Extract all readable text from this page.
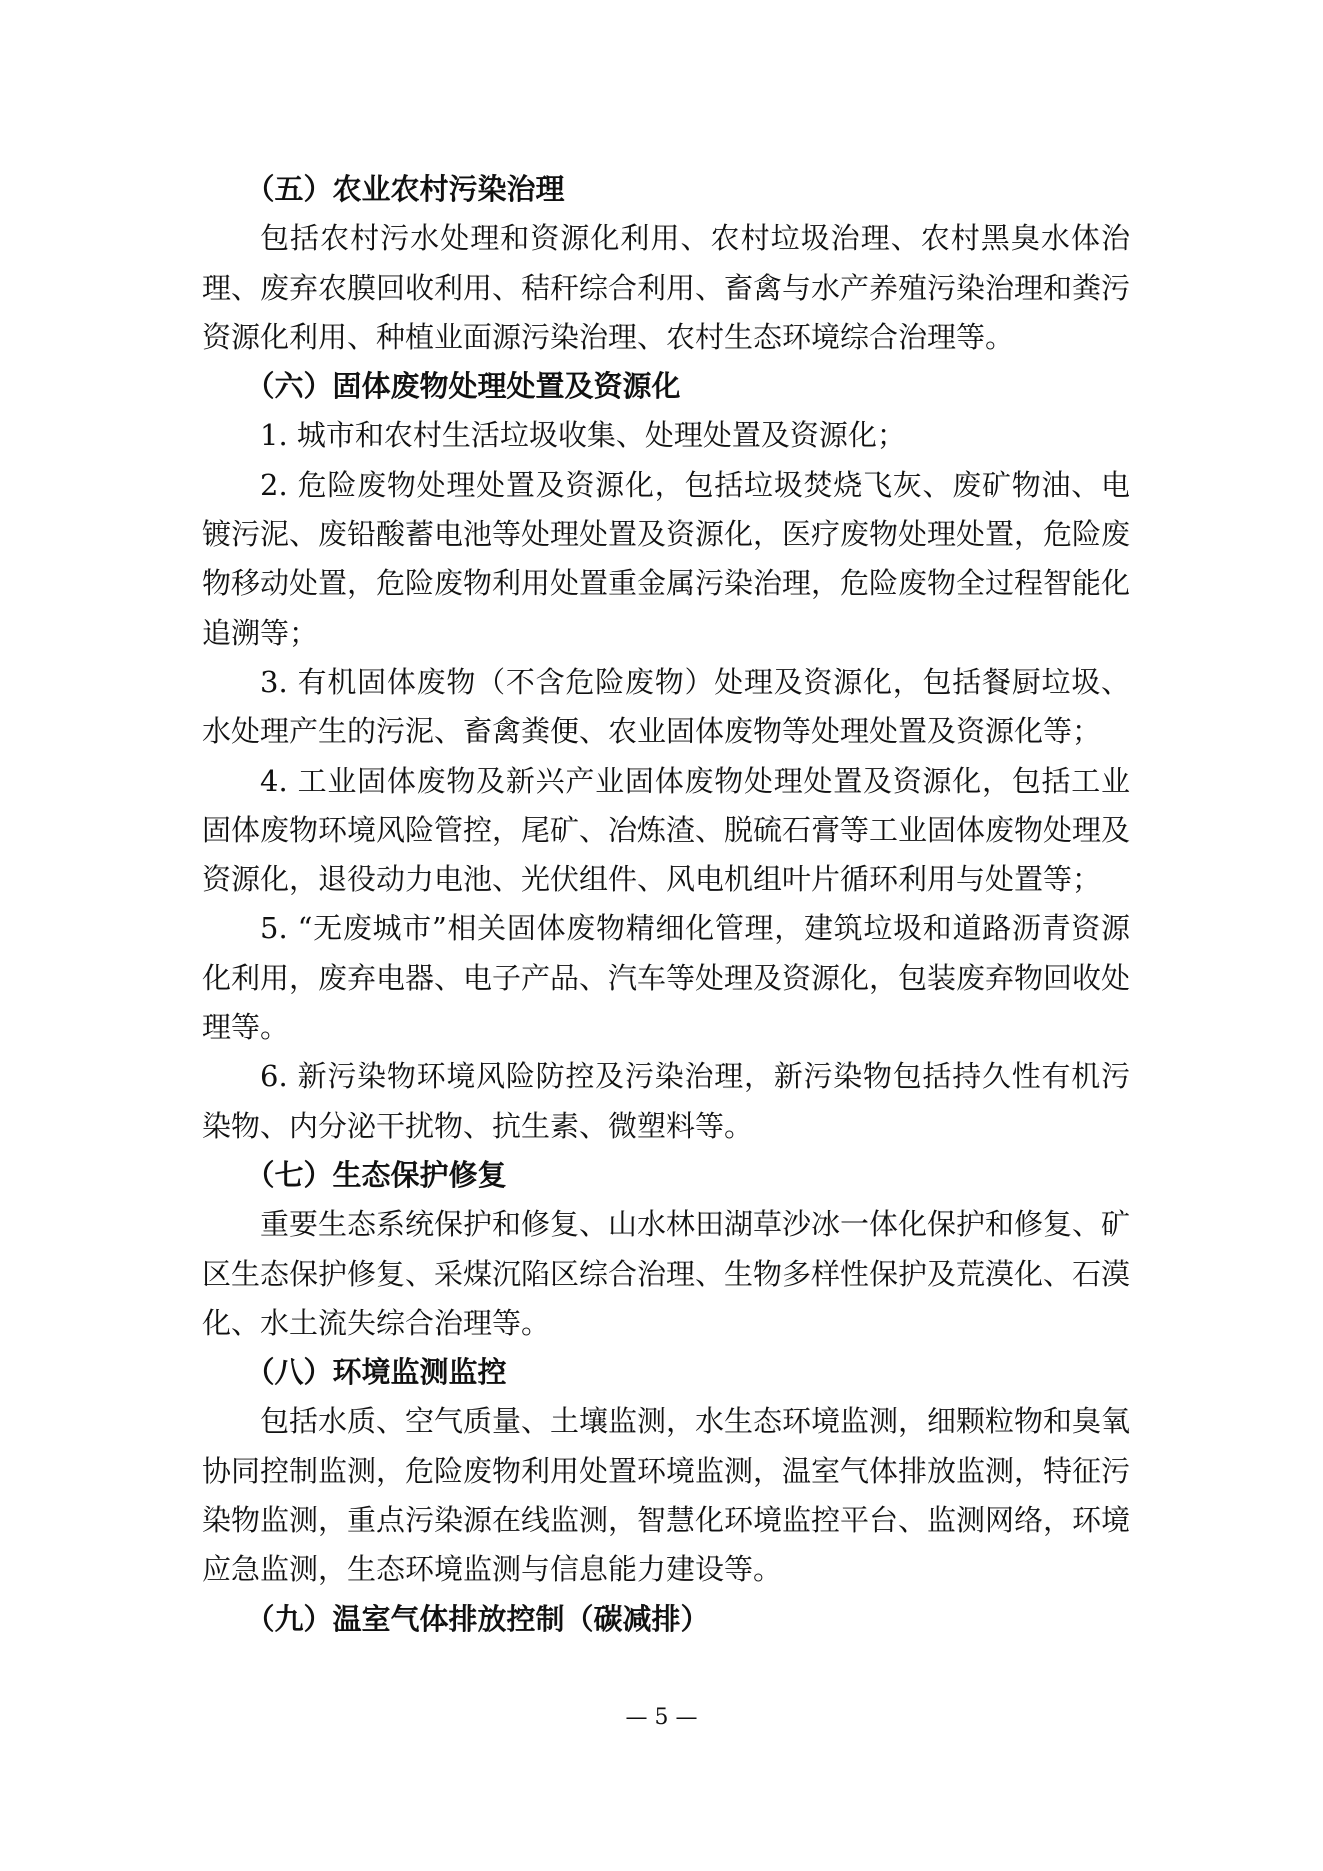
（五）农业农村污染治理

包括农村污水处理和资源化利用、农村垃圾治理、农村黑臭水体治理、废弃农膜回收利用、秸秆综合利用、畜禽与水产养殖污染治理和粪污资源化利用、种植业面源污染治理、农村生态环境综合治理等。

（六）固体废物处理处置及资源化

1. 城市和农村生活垃圾收集、处理处置及资源化；

2. 危险废物处理处置及资源化，包括垃圾焚烧飞灰、废矿物油、电镀污泥、废铅酸蓄电池等处理处置及资源化，医疗废物处理处置，危险废物移动处置，危险废物利用处置重金属污染治理，危险废物全过程智能化追溯等；

3. 有机固体废物（不含危险废物）处理及资源化，包括餐厨垃圾、水处理产生的污泥、畜禽粪便、农业固体废物等处理处置及资源化等；

4. 工业固体废物及新兴产业固体废物处理处置及资源化，包括工业固体废物环境风险管控，尾矿、冶炼渣、脱硫石膏等工业固体废物处理及资源化，退役动力电池、光伏组件、风电机组叶片循环利用与处置等；

5. “无废城市”相关固体废物精细化管理，建筑垃圾和道路沥青资源化利用，废弃电器、电子产品、汽车等处理及资源化，包装废弃物回收处理等。

6. 新污染物环境风险防控及污染治理，新污染物包括持久性有机污染物、内分泌干扰物、抗生素、微塑料等。

（七）生态保护修复

重要生态系统保护和修复、山水林田湖草沙冰一体化保护和修复、矿区生态保护修复、采煤沉陷区综合治理、生物多样性保护及荒漠化、石漠化、水土流失综合治理等。

（八）环境监测监控

包括水质、空气质量、土壤监测，水生态环境监测，细颗粒物和臭氧协同控制监测，危险废物利用处置环境监测，温室气体排放监测，特征污染物监测，重点污染源在线监测，智慧化环境监控平台、监测网络，环境应急监测，生态环境监测与信息能力建设等。

（九）温室气体排放控制（碳减排）

— 5 —
